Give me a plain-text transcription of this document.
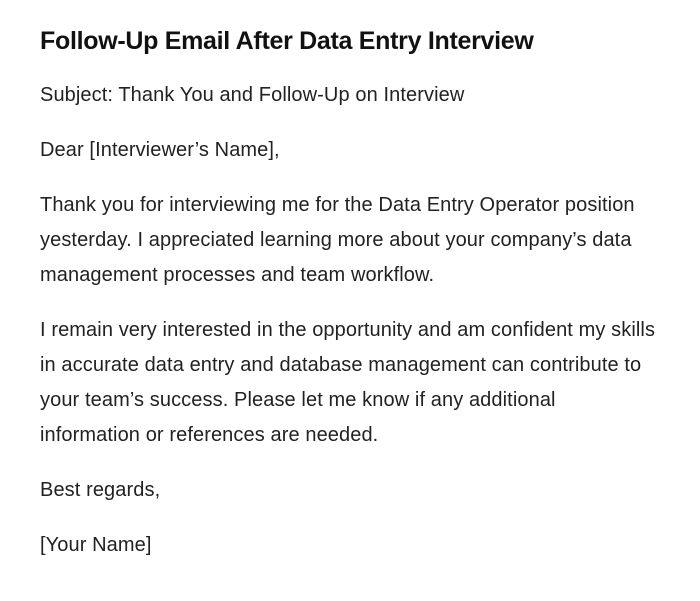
Follow-Up Email After Data Entry Interview

Subject: Thank You and Follow-Up on Interview

Dear [Interviewer’s Name],

Thank you for interviewing me for the Data Entry Operator position yesterday. I appreciated learning more about your company’s data management processes and team workflow.

I remain very interested in the opportunity and am confident my skills in accurate data entry and database management can contribute to your team’s success. Please let me know if any additional information or references are needed.

Best regards,

[Your Name]
